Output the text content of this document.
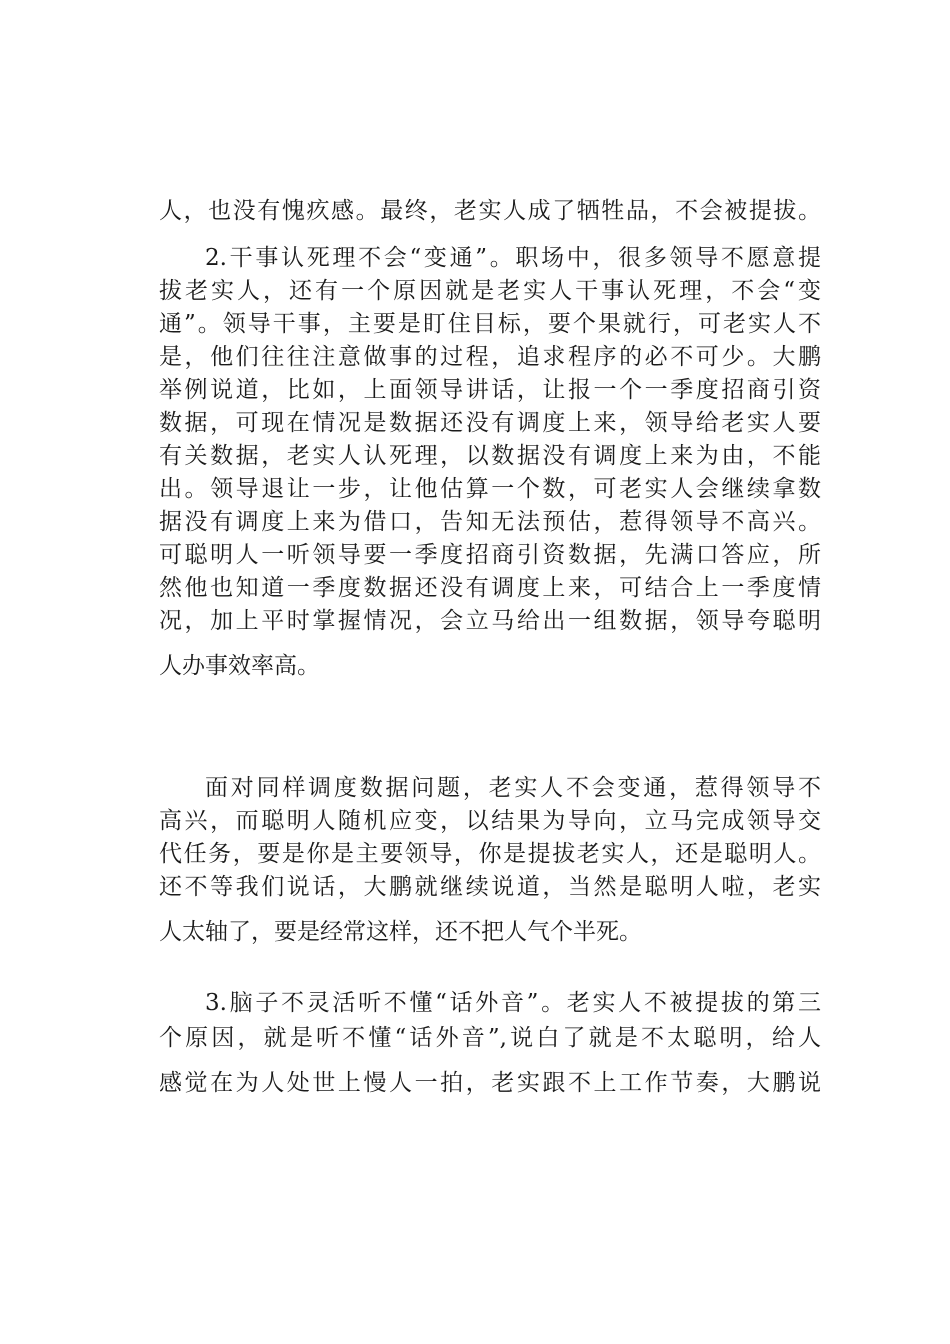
人，也没有愧疚感。最终，老实人成了牺牲品，不会被提拔。
2.干事认死理不会“变通”。职场中，很多领导不愿意提
拔老实人，还有一个原因就是老实人干事认死理，不会“变
通”。领导干事，主要是盯住目标，要个果就行，可老实人不
是，他们往往注意做事的过程，追求程序的必不可少。大鹏
举例说道，比如，上面领导讲话，让报一个一季度招商引资
数据，可现在情况是数据还没有调度上来，领导给老实人要
有关数据，老实人认死理，以数据没有调度上来为由，不能
出。领导退让一步，让他估算一个数，可老实人会继续拿数
据没有调度上来为借口，告知无法预估，惹得领导不高兴。
可聪明人一听领导要一季度招商引资数据，先满口答应，所
然他也知道一季度数据还没有调度上来，可结合上一季度情
况，加上平时掌握情况，会立马给出一组数据，领导夸聪明
人办事效率高。
面对同样调度数据问题，老实人不会变通，惹得领导不
高兴，而聪明人随机应变，以结果为导向，立马完成领导交
代任务，要是你是主要领导，你是提拔老实人，还是聪明人。
还不等我们说话，大鹏就继续说道，当然是聪明人啦，老实
人太轴了，要是经常这样，还不把人气个半死。
3.脑子不灵活听不懂“话外音”。老实人不被提拔的第三
个原因，就是听不懂“话外音”,说白了就是不太聪明，给人
感觉在为人处世上慢人一拍，老实跟不上工作节奏，大鹏说
